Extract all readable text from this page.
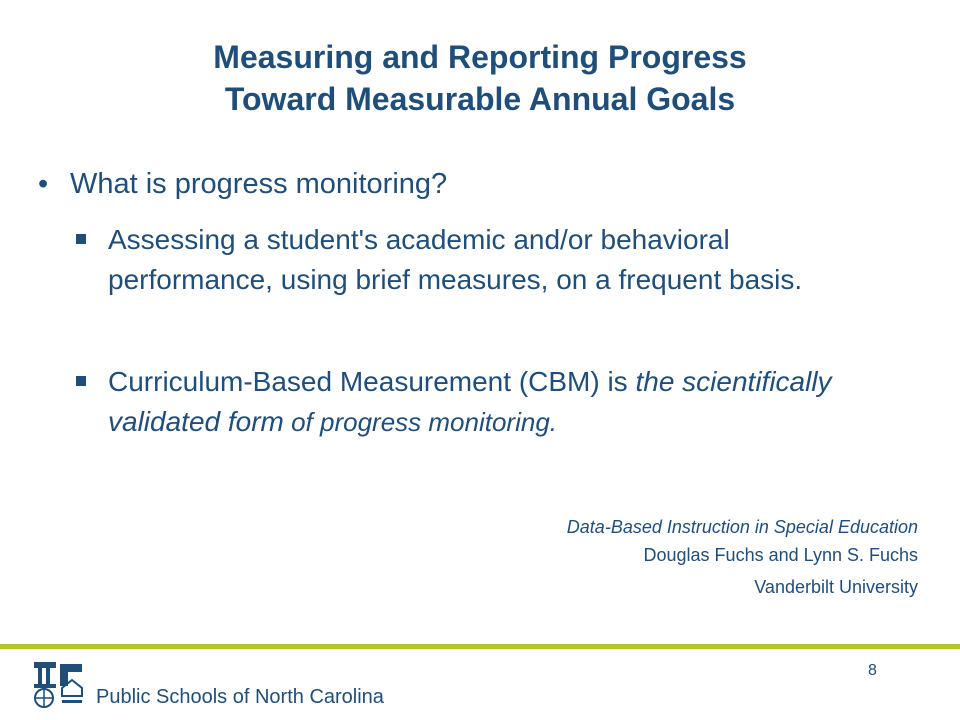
Measuring and Reporting Progress
Toward Measurable Annual Goals
• What is progress monitoring?
Assessing a student's academic and/or behavioral performance, using brief measures, on a frequent basis.
Curriculum-Based Measurement (CBM) is the scientifically validated form of progress monitoring.
Data-Based Instruction in Special Education
Douglas Fuchs and Lynn S. Fuchs
Vanderbilt University
Public Schools of North Carolina
8
